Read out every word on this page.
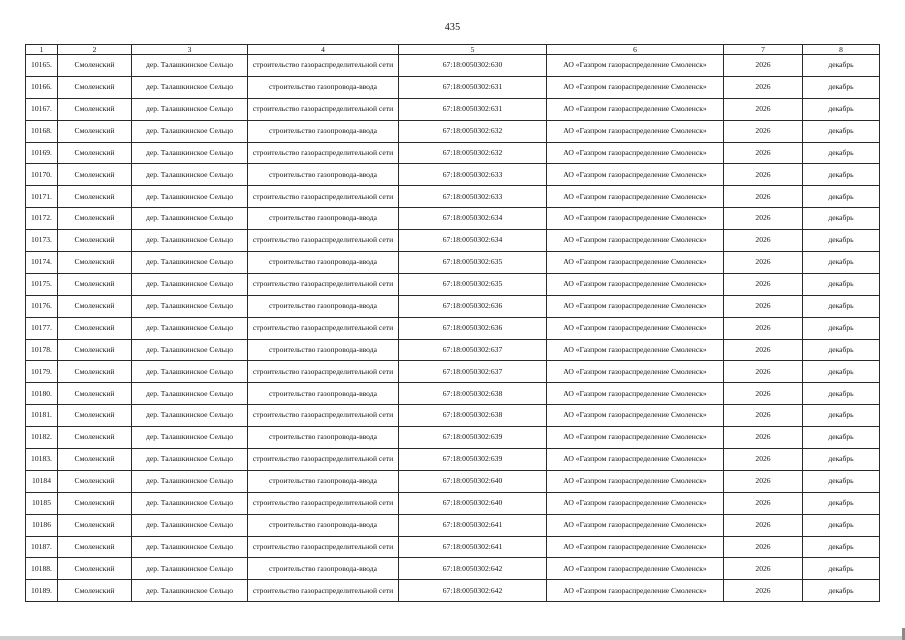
435
1	2	3	4	5	6	7	8
10165.	Смоленский	дер. Талашкинское Сельцо	строительство газораспределительной сети	67:18:0050302:630	АО «Газпром газораспределение Смоленск»	2026	декабрь
10166.	Смоленский	дер. Талашкинское Сельцо	строительство газопровода-ввода	67:18:0050302:631	АО «Газпром газораспределение Смоленск»	2026	декабрь
10167.	Смоленский	дер. Талашкинское Сельцо	строительство газораспределительной сети	67:18:0050302:631	АО «Газпром газораспределение Смоленск»	2026	декабрь
10168.	Смоленский	дер. Талашкинское Сельцо	строительство газопровода-ввода	67:18:0050302:632	АО «Газпром газораспределение Смоленск»	2026	декабрь
10169.	Смоленский	дер. Талашкинское Сельцо	строительство газораспределительной сети	67:18:0050302:632	АО «Газпром газораспределение Смоленск»	2026	декабрь
10170.	Смоленский	дер. Талашкинское Сельцо	строительство газопровода-ввода	67:18:0050302:633	АО «Газпром газораспределение Смоленск»	2026	декабрь
10171.	Смоленский	дер. Талашкинское Сельцо	строительство газораспределительной сети	67:18:0050302:633	АО «Газпром газораспределение Смоленск»	2026	декабрь
10172.	Смоленский	дер. Талашкинское Сельцо	строительство газопровода-ввода	67:18:0050302:634	АО «Газпром газораспределение Смоленск»	2026	декабрь
10173.	Смоленский	дер. Талашкинское Сельцо	строительство газораспределительной сети	67:18:0050302:634	АО «Газпром газораспределение Смоленск»	2026	декабрь
10174.	Смоленский	дер. Талашкинское Сельцо	строительство газопровода-ввода	67:18:0050302:635	АО «Газпром газораспределение Смоленск»	2026	декабрь
10175.	Смоленский	дер. Талашкинское Сельцо	строительство газораспределительной сети	67:18:0050302:635	АО «Газпром газораспределение Смоленск»	2026	декабрь
10176.	Смоленский	дер. Талашкинское Сельцо	строительство газопровода-ввода	67:18:0050302:636	АО «Газпром газораспределение Смоленск»	2026	декабрь
10177.	Смоленский	дер. Талашкинское Сельцо	строительство газораспределительной сети	67:18:0050302:636	АО «Газпром газораспределение Смоленск»	2026	декабрь
10178.	Смоленский	дер. Талашкинское Сельцо	строительство газопровода-ввода	67:18:0050302:637	АО «Газпром газораспределение Смоленск»	2026	декабрь
10179.	Смоленский	дер. Талашкинское Сельцо	строительство газораспределительной сети	67:18:0050302:637	АО «Газпром газораспределение Смоленск»	2026	декабрь
10180.	Смоленский	дер. Талашкинское Сельцо	строительство газопровода-ввода	67:18:0050302:638	АО «Газпром газораспределение Смоленск»	2026	декабрь
10181.	Смоленский	дер. Талашкинское Сельцо	строительство газораспределительной сети	67:18:0050302:638	АО «Газпром газораспределение Смоленск»	2026	декабрь
10182.	Смоленский	дер. Талашкинское Сельцо	строительство газопровода-ввода	67:18:0050302:639	АО «Газпром газораспределение Смоленск»	2026	декабрь
10183.	Смоленский	дер. Талашкинское Сельцо	строительство газораспределительной сети	67:18:0050302:639	АО «Газпром газораспределение Смоленск»	2026	декабрь
10184	Смоленский	дер. Талашкинское Сельцо	строительство газопровода-ввода	67:18:0050302:640	АО «Газпром газораспределение Смоленск»	2026	декабрь
10185	Смоленский	дер. Талашкинское Сельцо	строительство газораспределительной сети	67:18:0050302:640	АО «Газпром газораспределение Смоленск»	2026	декабрь
10186	Смоленский	дер. Талашкинское Сельцо	строительство газопровода-ввода	67:18:0050302:641	АО «Газпром газораспределение Смоленск»	2026	декабрь
10187.	Смоленский	дер. Талашкинское Сельцо	строительство газораспределительной сети	67:18:0050302:641	АО «Газпром газораспределение Смоленск»	2026	декабрь
10188.	Смоленский	дер. Талашкинское Сельцо	строительство газопровода-ввода	67:18:0050302:642	АО «Газпром газораспределение Смоленск»	2026	декабрь
10189.	Смоленский	дер. Талашкинское Сельцо	строительство газораспределительной сети	67:18:0050302:642	АО «Газпром газораспределение Смоленск»	2026	декабрь
